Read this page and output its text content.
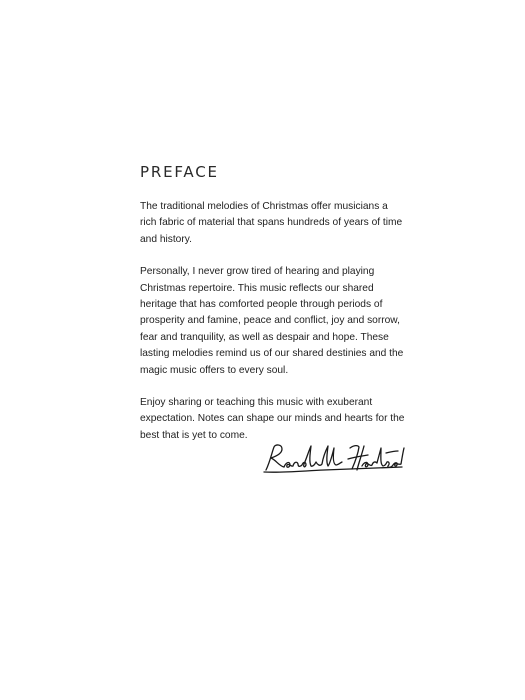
PREFACE

The traditional melodies of Christmas offer musicians a rich fabric of material that spans hundreds of years of time and history.

Personally, I never grow tired of hearing and playing Christmas repertoire. This music reflects our shared heritage that has comforted people through periods of prosperity and famine, peace and conflict, joy and sorrow, fear and tranquility, as well as despair and hope. These lasting melodies remind us of our shared destinies and the magic music offers to every soul.

Enjoy sharing or teaching this music with exuberant expectation. Notes can shape our minds and hearts for the best that is yet to come.
